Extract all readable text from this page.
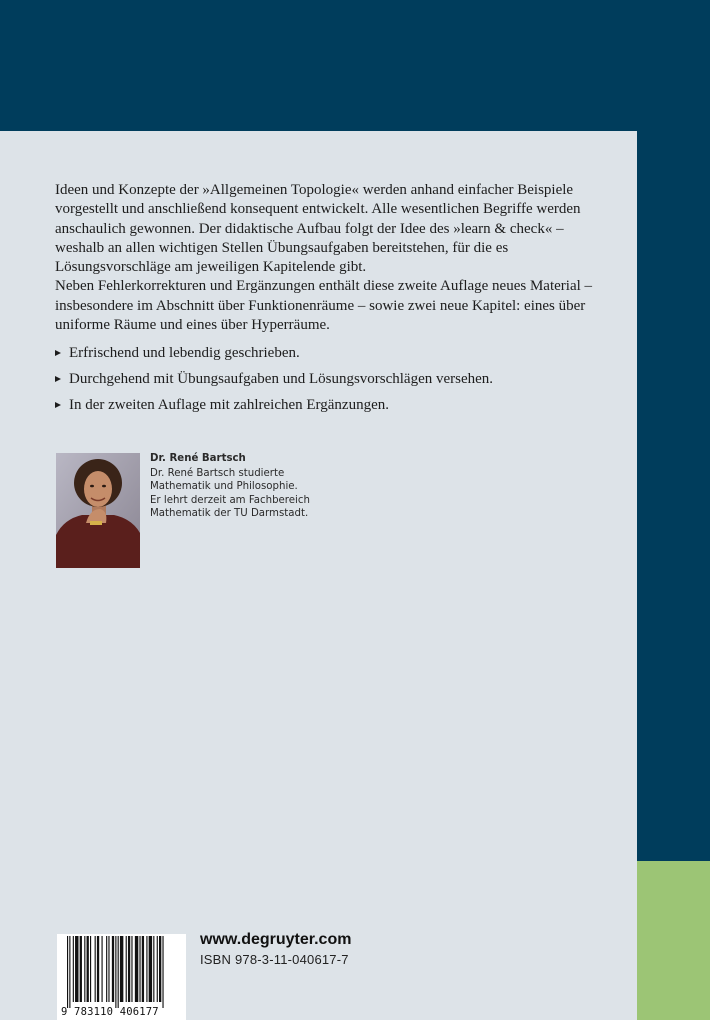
Ideen und Konzepte der »Allgemeinen Topologie« werden anhand einfacher Beispiele vorgestellt und anschließend konsequent entwickelt. Alle wesentlichen Begriffe werden anschaulich gewonnen. Der didaktische Aufbau folgt der Idee des »learn & check« – weshalb an allen wichtigen Stellen Übungsaufgaben bereitstehen, für die es Lösungsvorschläge am jeweiligen Kapitelende gibt.

Neben Fehlerkorrekturen und Ergänzungen enthält diese zweite Auflage neues Material – insbesondere im Abschnitt über Funktionenräume – sowie zwei neue Kapitel: eines über uniforme Räume und eines über Hyperräume.

Erfrischend und lebendig geschrieben.
Durchgehend mit Übungsaufgaben und Lösungsvorschlägen versehen.
In der zweiten Auflage mit zahlreichen Ergänzungen.
Dr. René Bartsch
Dr. René Bartsch studierte
Mathematik und Philosophie.
Er lehrt derzeit am Fachbereich
Mathematik der TU Darmstadt.
9 783110 406177
www.degruyter.com
ISBN 978-3-11-040617-7
